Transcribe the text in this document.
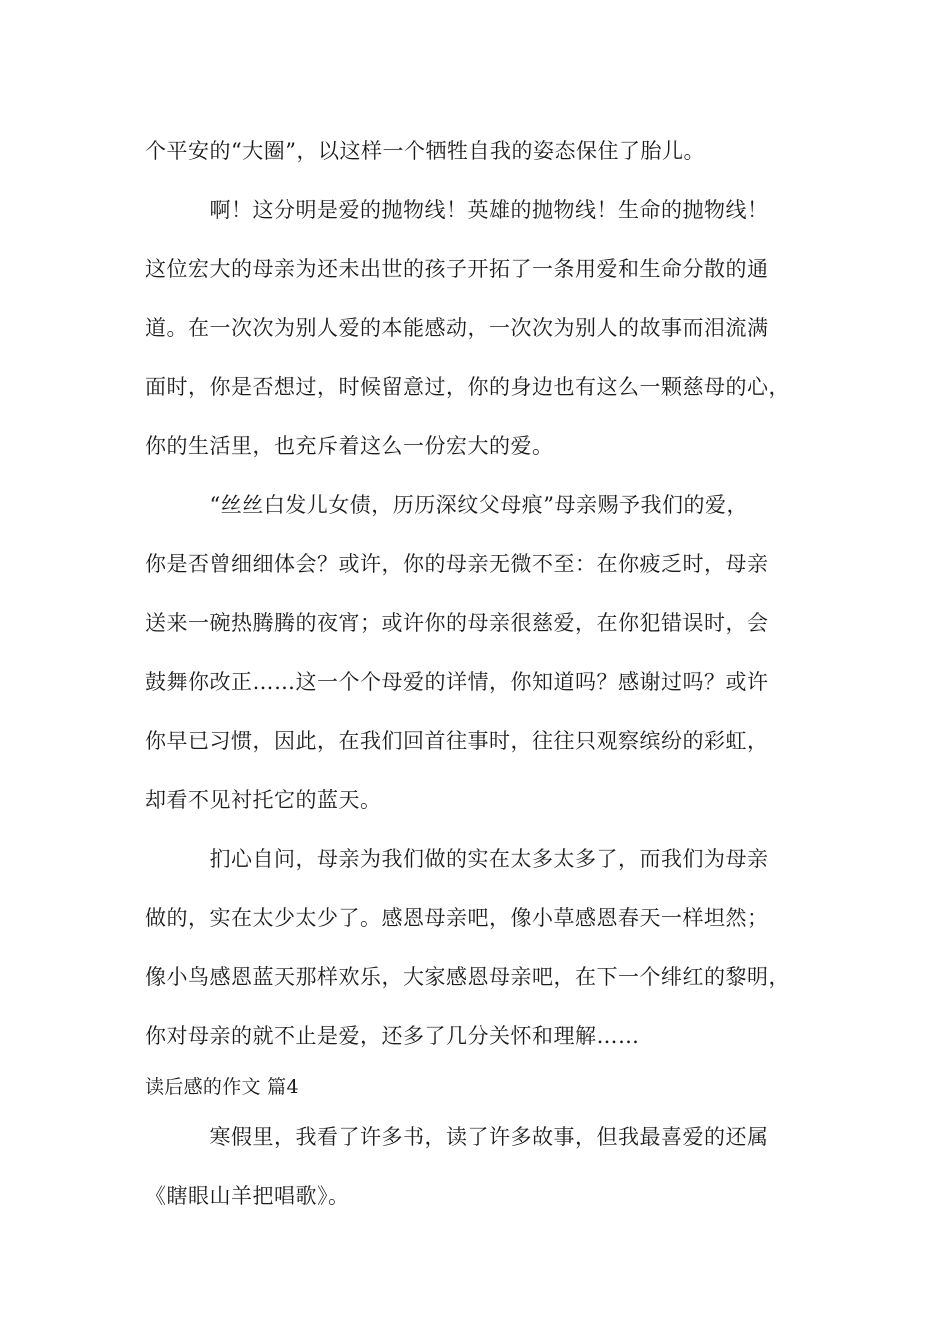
个平安的“大圈”，以这样一个牺牲自我的姿态保住了胎儿。
　　　啊！这分明是爱的抛物线！英雄的抛物线！生命的抛物线！
这位宏大的母亲为还未出世的孩子开拓了一条用爱和生命分散的通
道。在一次次为别人爱的本能感动，一次次为别人的故事而泪流满
面时，你是否想过，时候留意过，你的身边也有这么一颗慈母的心，
你的生活里，也充斥着这么一份宏大的爱。
　　　“丝丝白发儿女债，历历深纹父母痕”母亲赐予我们的爱，
你是否曾细细体会？或许，你的母亲无微不至：在你疲乏时，母亲
送来一碗热腾腾的夜宵；或许你的母亲很慈爱，在你犯错误时，会
鼓舞你改正……这一个个母爱的详情，你知道吗？感谢过吗？或许
你早已习惯，因此，在我们回首往事时，往往只观察缤纷的彩虹，
却看不见衬托它的蓝天。
　　　扪心自问，母亲为我们做的实在太多太多了，而我们为母亲
做的，实在太少太少了。感恩母亲吧，像小草感恩春天一样坦然；
像小鸟感恩蓝天那样欢乐，大家感恩母亲吧，在下一个绯红的黎明，
你对母亲的就不止是爱，还多了几分关怀和理解……
读后感的作文 篇4
　　　寒假里，我看了许多书，读了许多故事，但我最喜爱的还属
《瞎眼山羊把唱歌》。
